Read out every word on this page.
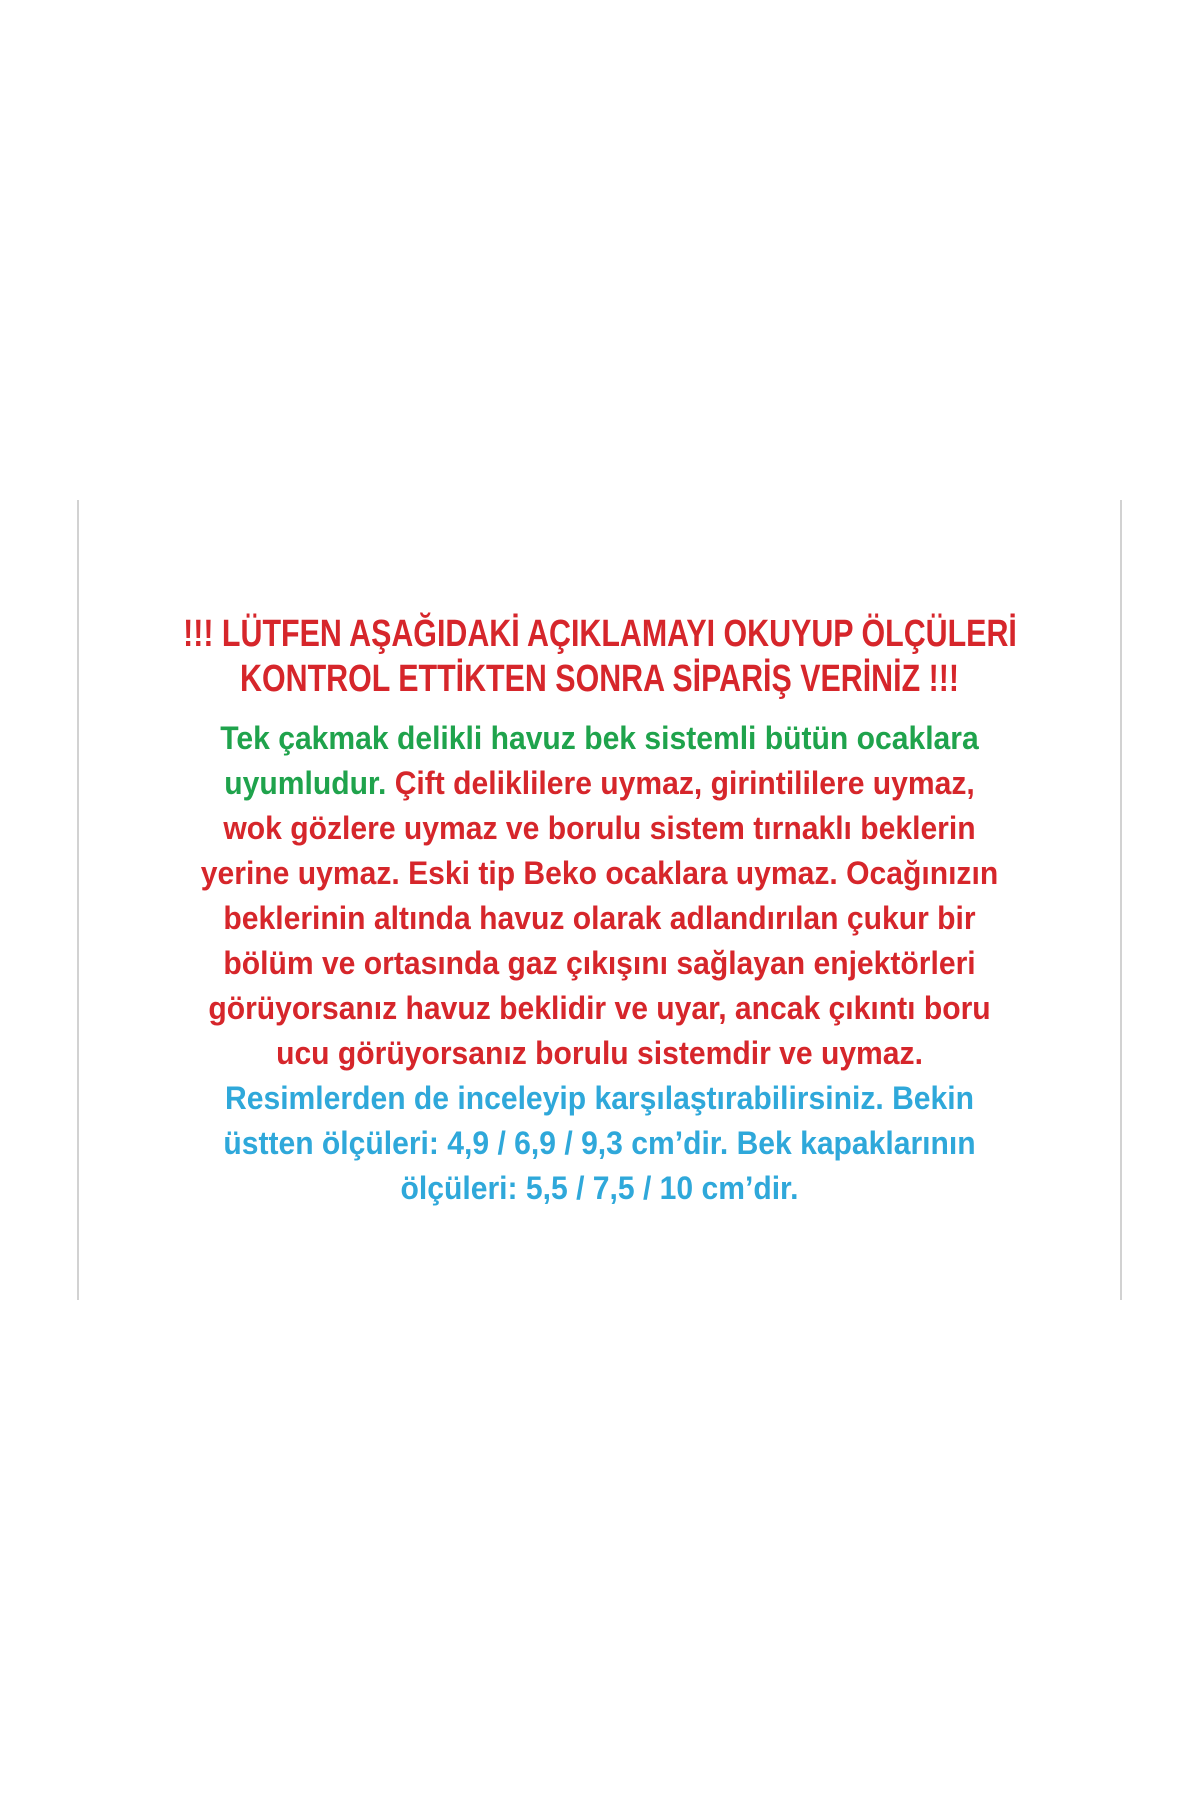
!!! LÜTFEN AŞAĞIDAKİ AÇIKLAMAYI OKUYUP ÖLÇÜLERİ
KONTROL ETTİKTEN SONRA SİPARİŞ VERİNİZ !!!
Tek çakmak delikli havuz bek sistemli bütün ocaklara
uyumludur. Çift deliklilere uymaz, girintililere uymaz,
wok gözlere uymaz ve borulu sistem tırnaklı beklerin
yerine uymaz. Eski tip Beko ocaklara uymaz. Ocağınızın
beklerinin altında havuz olarak adlandırılan çukur bir
bölüm ve ortasında gaz çıkışını sağlayan enjektörleri
görüyorsanız havuz beklidir ve uyar, ancak çıkıntı boru
ucu görüyorsanız borulu sistemdir ve uymaz.
Resimlerden de inceleyip karşılaştırabilirsiniz. Bekin
üstten ölçüleri: 4,9 / 6,9 / 9,3 cm’dir. Bek kapaklarının
ölçüleri: 5,5 / 7,5 / 10 cm’dir.
